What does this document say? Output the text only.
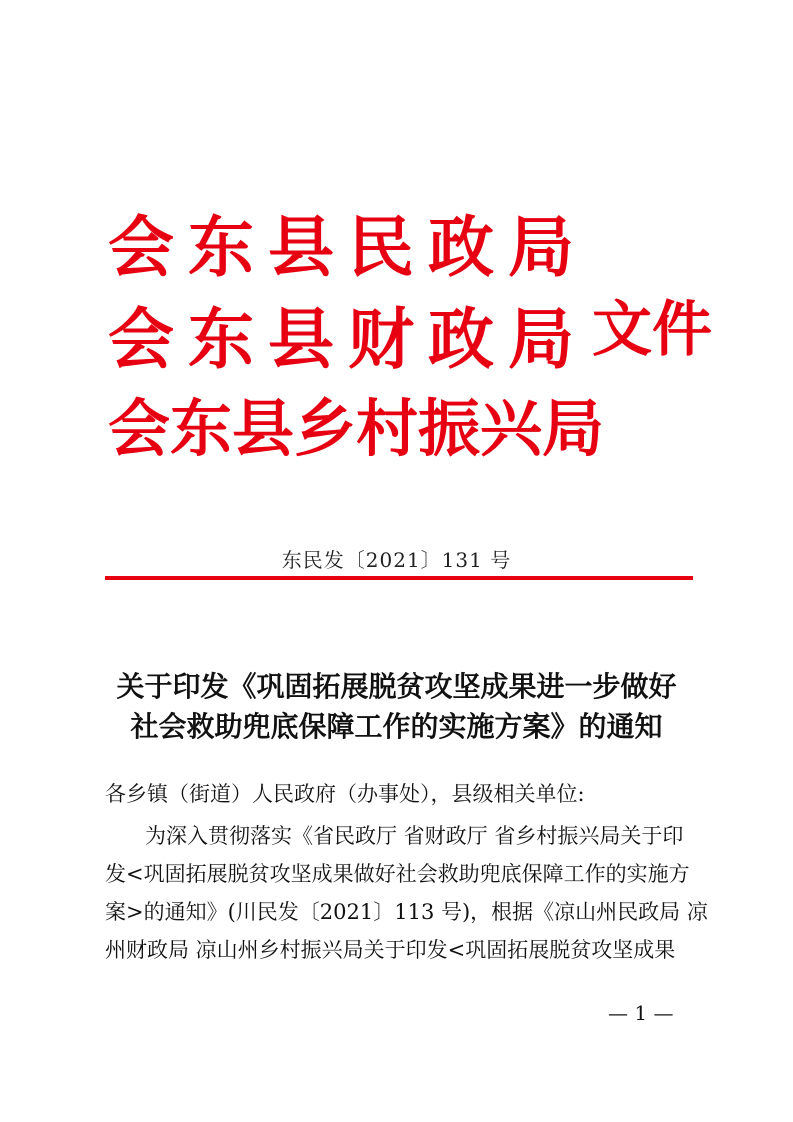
会东县民政局
会东县财政局
会东县乡村振兴局
文件
东民发〔2021〕131 号
关于印发《巩固拓展脱贫攻坚成果进一步做好
社会救助兜底保障工作的实施方案》的通知
各乡镇（街道）人民政府（办事处），县级相关单位:
为深入贯彻落实《省民政厅 省财政厅 省乡村振兴局关于印
发<巩固拓展脱贫攻坚成果做好社会救助兜底保障工作的实施方
案>的通知》(川民发〔2021〕113 号)，根据《凉山州民政局 凉
州财政局 凉山州乡村振兴局关于印发<巩固拓展脱贫攻坚成果
— 1 —
